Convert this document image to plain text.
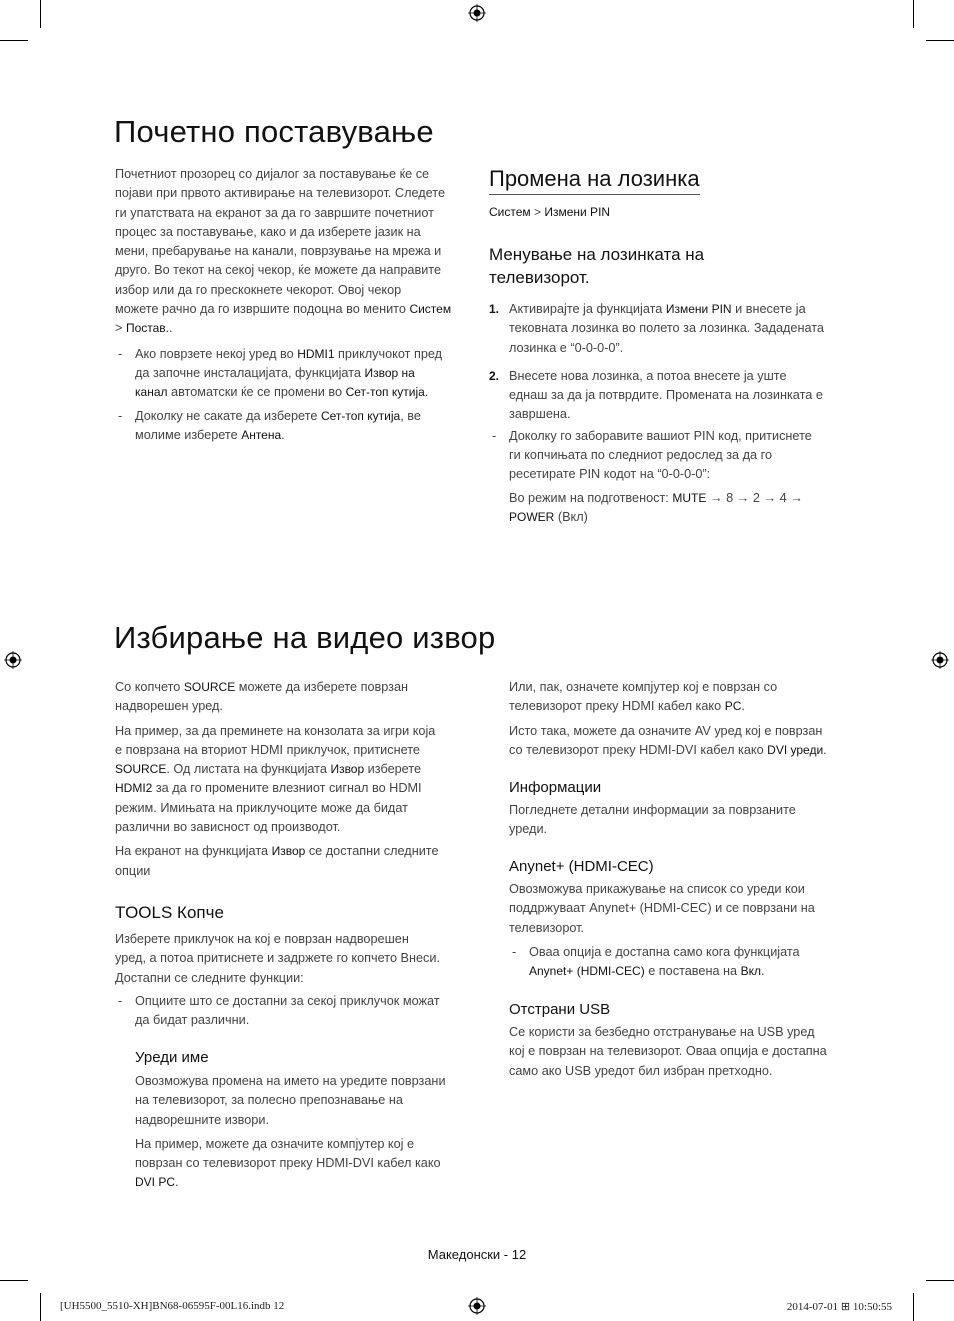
Почетно поставување
Почетниот прозорец со дијалог за поставување ќе се
појави при првото активирање на телевизорот. Следете
ги упатствата на екранот за да го завршите почетниот
процес за поставување, како и да изберете јазик на
мени, пребарување на канали, поврзување на мрежа и
друго. Во текот на секој чекор, ќе можете да направите
избор или да го прескокнете чекорот. Овој чекор
можете рачно да го извршите подоцна во менито Систем
> Постав..
- Ако поврзете некој уред во HDMI1 приклучокот пред
да започне инсталацијата, функцијата Извор на
канал автоматски ќе се промени во Сет-топ кутија.
- Доколку не сакате да изберете Сет-топ кутија, ве
молиме изберете Антена.
Промена на лозинка
Систем > Измени PIN
Менување на лозинката на
телевизорот.
1. Активирајте ја функцијата Измени PIN и внесете ја
тековната лозинка во полето за лозинка. Зададената
лозинка е “0-0-0-0”.
2. Внесете нова лозинка, а потоа внесете ја уште
еднаш за да ја потврдите. Промената на лозинката е
завршена.
- Доколку го заборавите вашиот PIN код, притиснете
ги копчињата по следниот редослед за да го
ресетирате PIN кодот на “0-0-0-0”:
Во режим на подготвеност: MUTE → 8 → 2 → 4 →
POWER (Вкл)
Избирање на видео извор
Со копчето SOURCE можете да изберете поврзан
надворешен уред.
На пример, за да преминете на конзолата за игри која
е поврзана на вториот HDMI приклучок, притиснете
SOURCE. Од листата на функцијата Извор изберете
HDMI2 за да го промените влезниот сигнал во HDMI
режим. Имињата на приклучоците може да бидат
различни во зависност од производот.
На екранот на функцијата Извор се достапни следните
опции
TOOLS Копче
Изберете приклучок на кој е поврзан надворешен
уред, а потоа притиснете и задржете го копчето Внеси.
Достапни се следните функции:
- Опциите што се достапни за секој приклучок можат
да бидат различни.
Уреди име
Овозможува промена на името на уредите поврзани
на телевизорот, за полесно препознавање на
надворешните извори.
На пример, можете да означите компјутер кој е
поврзан со телевизорот преку HDMI-DVI кабел како
DVI PC.
Или, пак, означете компјутер кој е поврзан со
телевизорот преку HDMI кабел како PC.
Исто така, можете да означите AV уред кој е поврзан
со телевизорот преку HDMI-DVI кабел како DVI уреди.
Информации
Погледнете детални информации за поврзаните
уреди.
Anynet+ (HDMI-CEC)
Овозможува прикажување на список со уреди кои
поддржуваат Anynet+ (HDMI-CEC) и се поврзани на
телевизорот.
- Оваа опција е достапна само кога функцијата
Anynet+ (HDMI-CEC) е поставена на Вкл.
Отстрани USB
Се користи за безбедно отстранување на USB уред
кој е поврзан на телевизорот. Оваа опција е достапна
само ако USB уредот бил избран претходно.
Македонски - 12
[UH5500_5510-XH]BN68-06595F-00L16.indb 12	2014-07-01 ⊞ 10:50:55
